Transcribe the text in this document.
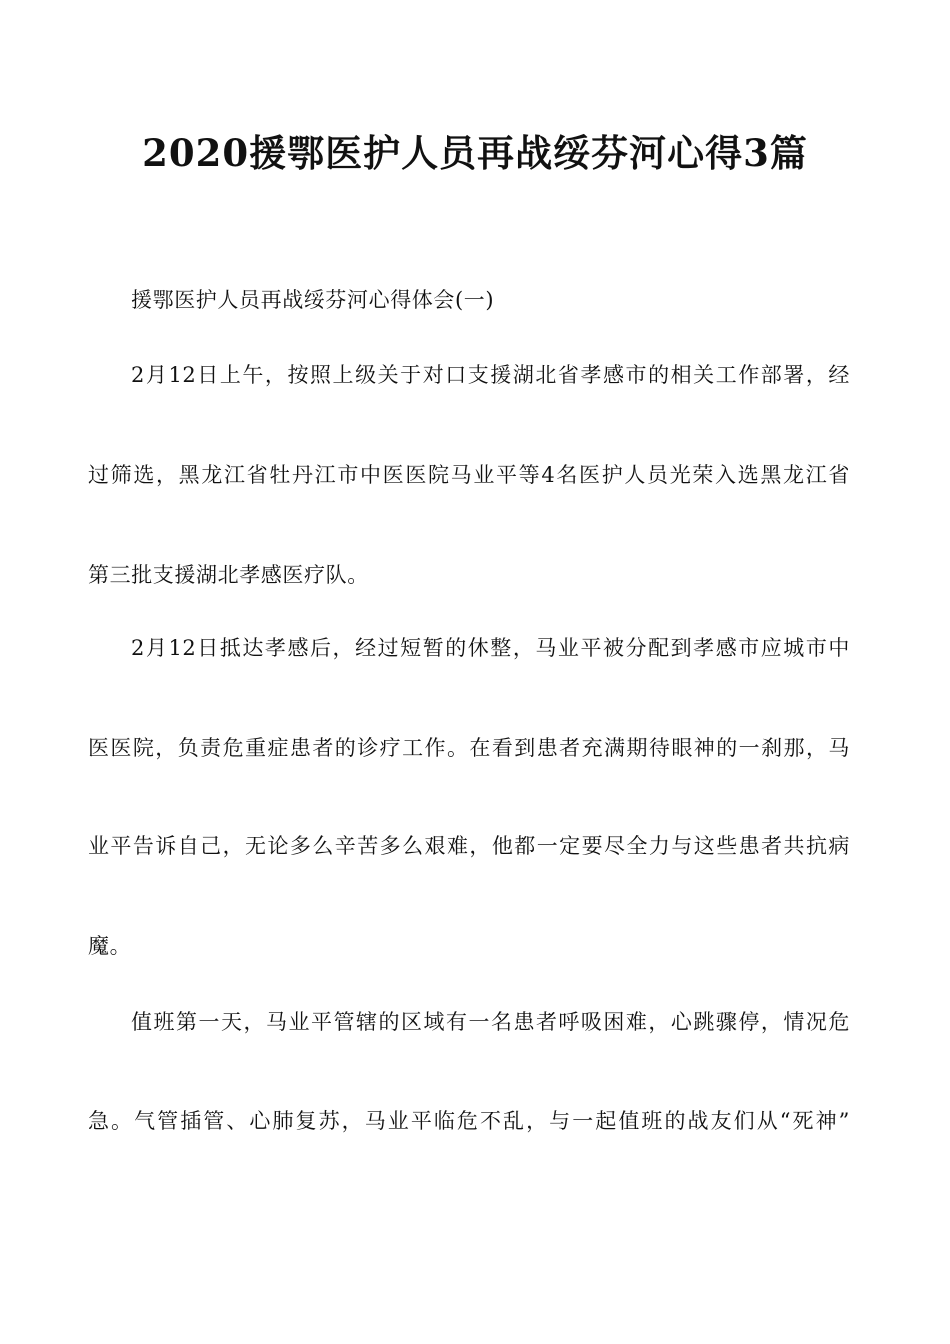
2020援鄂医护人员再战绥芬河心得3篇
援鄂医护人员再战绥芬河心得体会(一)
2月12日上午，按照上级关于对口支援湖北省孝感市的相关工作部署，经
过筛选，黑龙江省牡丹江市中医医院马业平等4名医护人员光荣入选黑龙江省
第三批支援湖北孝感医疗队。
2月12日抵达孝感后，经过短暂的休整，马业平被分配到孝感市应城市中
医医院，负责危重症患者的诊疗工作。在看到患者充满期待眼神的一刹那，马
业平告诉自己，无论多么辛苦多么艰难，他都一定要尽全力与这些患者共抗病
魔。
值班第一天，马业平管辖的区域有一名患者呼吸困难，心跳骤停，情况危
急。气管插管、心肺复苏，马业平临危不乱，与一起值班的战友们从“死神”
